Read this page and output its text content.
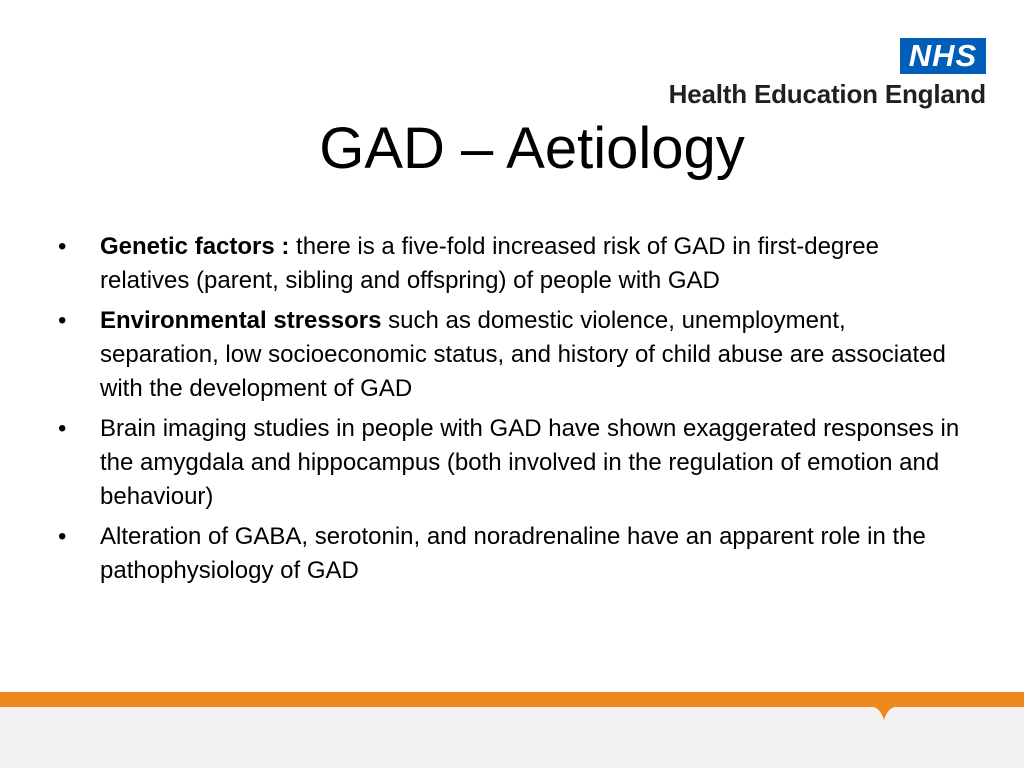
NHS
Health Education England
GAD – Aetiology
• Genetic factors : there is a five-fold increased risk of GAD in first-degree relatives (parent, sibling and offspring) of people with GAD
• Environmental stressors such as domestic violence, unemployment, separation, low socioeconomic status, and history of child abuse are associated with the development of GAD
• Brain imaging studies in people with GAD have shown exaggerated responses in the amygdala and hippocampus (both involved in the regulation of emotion and behaviour)
• Alteration of GABA, serotonin, and noradrenaline have an apparent role in the pathophysiology of GAD
